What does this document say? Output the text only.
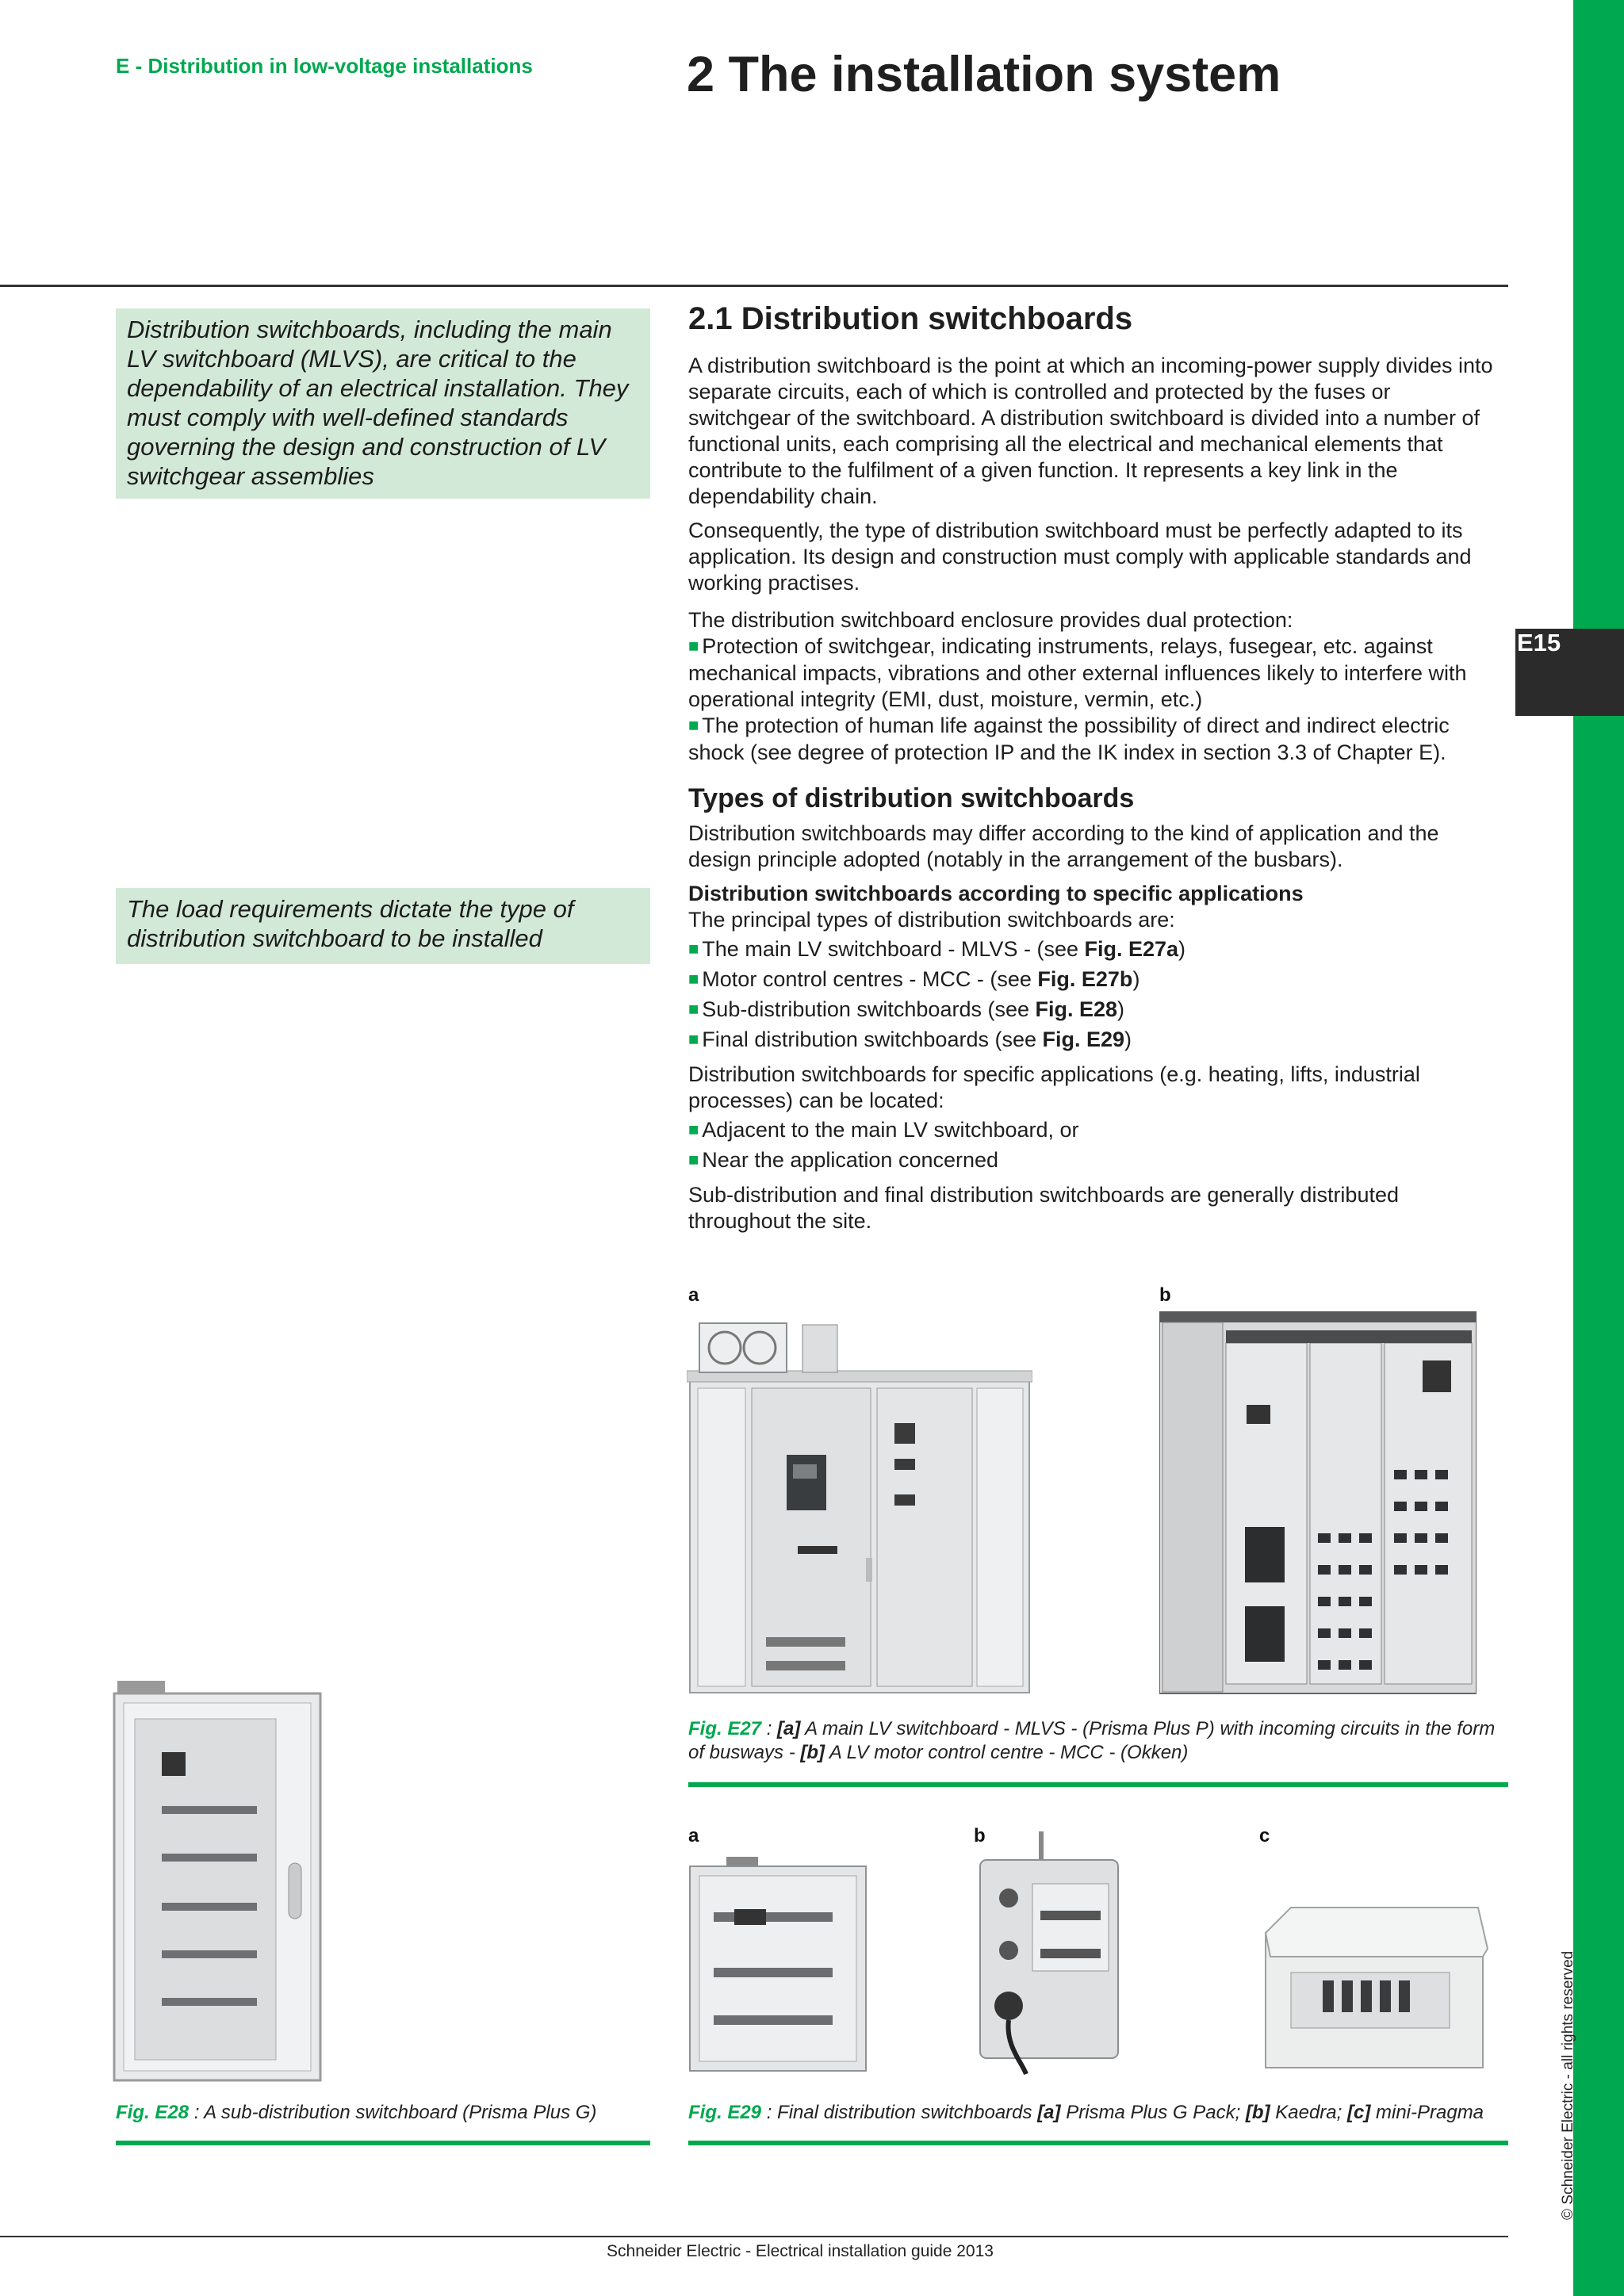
E15
© Schneider Electric - all rights reserved
E - Distribution in low-voltage installations	2 The installation system
Distribution switchboards, including the main LV switchboard (MLVS), are critical to the dependability of an electrical installation. They must comply with well-defined standards governing the design and construction of LV switchgear assemblies
The load requirements dictate the type of distribution switchboard to be installed
2.1 Distribution switchboards

A distribution switchboard is the point at which an incoming-power supply divides into separate circuits, each of which is controlled and protected by the fuses or switchgear of the switchboard. A distribution switchboard is divided into a number of functional units, each comprising all the electrical and mechanical elements that contribute to the fulfilment of a given function. It represents a key link in the dependability chain.

Consequently, the type of distribution switchboard must be perfectly adapted to its application. Its design and construction must comply with applicable standards and working practises.

The distribution switchboard enclosure provides dual protection:

■ Protection of switchgear, indicating instruments, relays, fusegear, etc. against mechanical impacts, vibrations and other external influences likely to interfere with operational integrity (EMI, dust, moisture, vermin, etc.)

■ The protection of human life against the possibility of direct and indirect electric shock (see degree of protection IP and the IK index in section 3.3 of Chapter E).

Types of distribution switchboards

Distribution switchboards may differ according to the kind of application and the design principle adopted (notably in the arrangement of the busbars).

Distribution switchboards according to specific applications

The principal types of distribution switchboards are:

■ The main LV switchboard - MLVS - (see Fig. E27a)

■ Motor control centres - MCC - (see Fig. E27b)

■ Sub-distribution switchboards (see Fig. E28)

■ Final distribution switchboards (see Fig. E29)

Distribution switchboards for specific applications (e.g. heating, lifts, industrial processes) can be located:

■ Adjacent to the main LV switchboard, or

■ Near the application concerned

Sub-distribution and final distribution switchboards are generally distributed throughout the site.

a	b
Fig. E27 : [a] A main LV switchboard - MLVS - (Prisma Plus P) with incoming circuits in the form of busways - [b] A LV motor control centre - MCC - (Okken)
Fig. E28 : A sub-distribution switchboard (Prisma Plus G)
a	b	c
Fig. E29 : Final distribution switchboards [a] Prisma Plus G Pack; [b] Kaedra; [c] mini-Pragma
Schneider Electric - Electrical installation guide 2013
